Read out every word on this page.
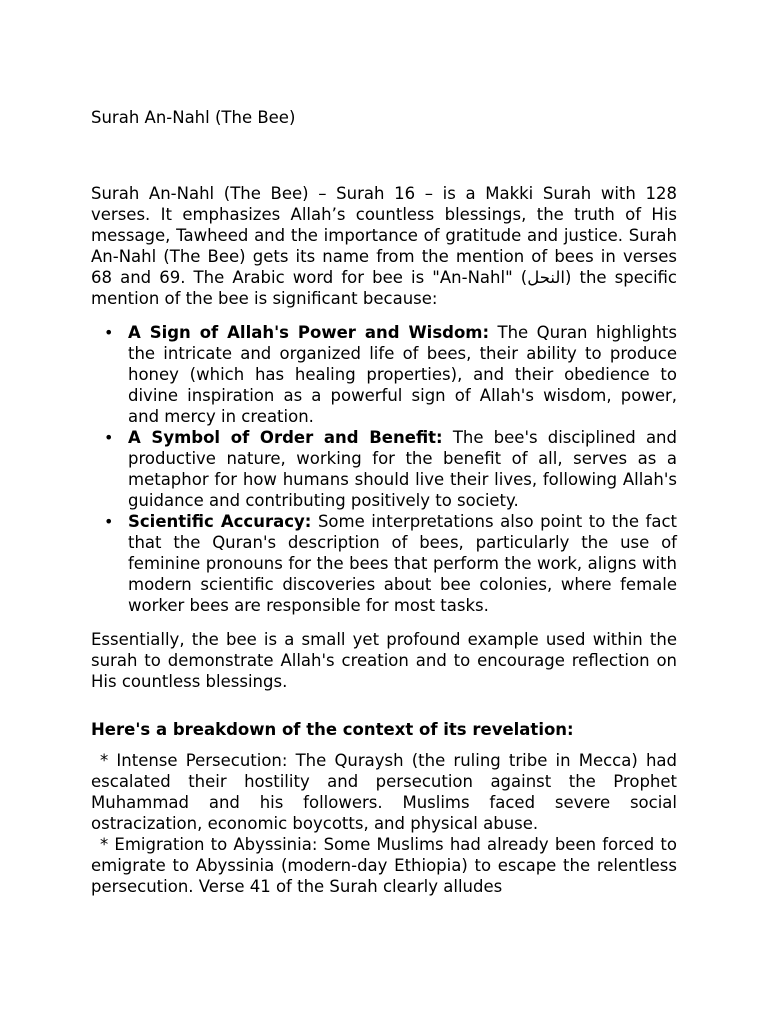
Surah An-Nahl (The Bee)

Surah An-Nahl (The Bee) – Surah 16 – is a Makki Surah with 128 verses. It emphasizes Allah’s countless blessings, the truth of His message, Tawheed and the importance of gratitude and justice. Surah An-Nahl (The Bee) gets its name from the mention of bees in verses 68 and 69. The Arabic word for bee is "An-Nahl" (النحل) the specific mention of the bee is significant because:

• A Sign of Allah's Power and Wisdom: The Quran highlights the intricate and organized life of bees, their ability to produce honey (which has healing properties), and their obedience to divine inspiration as a powerful sign of Allah's wisdom, power, and mercy in creation.
• A Symbol of Order and Benefit: The bee's disciplined and productive nature, working for the benefit of all, serves as a metaphor for how humans should live their lives, following Allah's guidance and contributing positively to society.
• Scientific Accuracy: Some interpretations also point to the fact that the Quran's description of bees, particularly the use of feminine pronouns for the bees that perform the work, aligns with modern scientific discoveries about bee colonies, where female worker bees are responsible for most tasks.

Essentially, the bee is a small yet profound example used within the surah to demonstrate Allah's creation and to encourage reflection on His countless blessings.

Here's a breakdown of the context of its revelation:

* Intense Persecution: The Quraysh (the ruling tribe in Mecca) had escalated their hostility and persecution against the Prophet Muhammad and his followers. Muslims faced severe social ostracization, economic boycotts, and physical abuse.

* Emigration to Abyssinia: Some Muslims had already been forced to emigrate to Abyssinia (modern-day Ethiopia) to escape the relentless persecution. Verse 41 of the Surah clearly alludes
